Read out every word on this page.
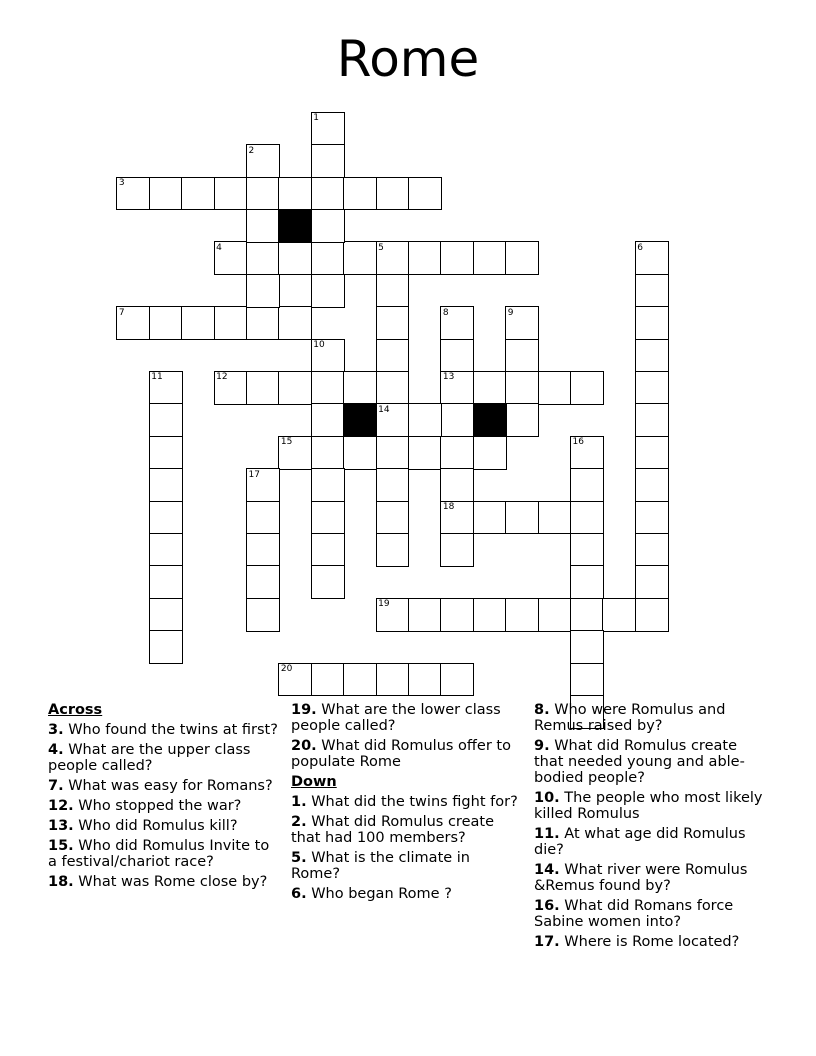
Rome
1
2
3
4	5	6
7	8	9
10
11	12	13
14
15	16
17
18
19
20
Across
3. Who found the twins at first?
4. What are the upper class people called?
7. What was easy for Romans?
12. Who stopped the war?
13. Who did Romulus kill?
15. Who did Romulus Invite to a festival/chariot race?
18. What was Rome close by?
19. What are the lower class people called?
20. What did Romulus offer to populate Rome
Down
1. What did the twins fight for?
2. What did Romulus create that had 100 members?
5. What is the climate in Rome?
6. Who began Rome ?
8. Who were Romulus and Remus raised by?
9. What did Romulus create that needed young and able-bodied people?
10. The people who most likely killed Romulus
11. At what age did Romulus die?
14. What river were Romulus &Remus found by?
16. What did Romans force Sabine women into?
17. Where is Rome located?
